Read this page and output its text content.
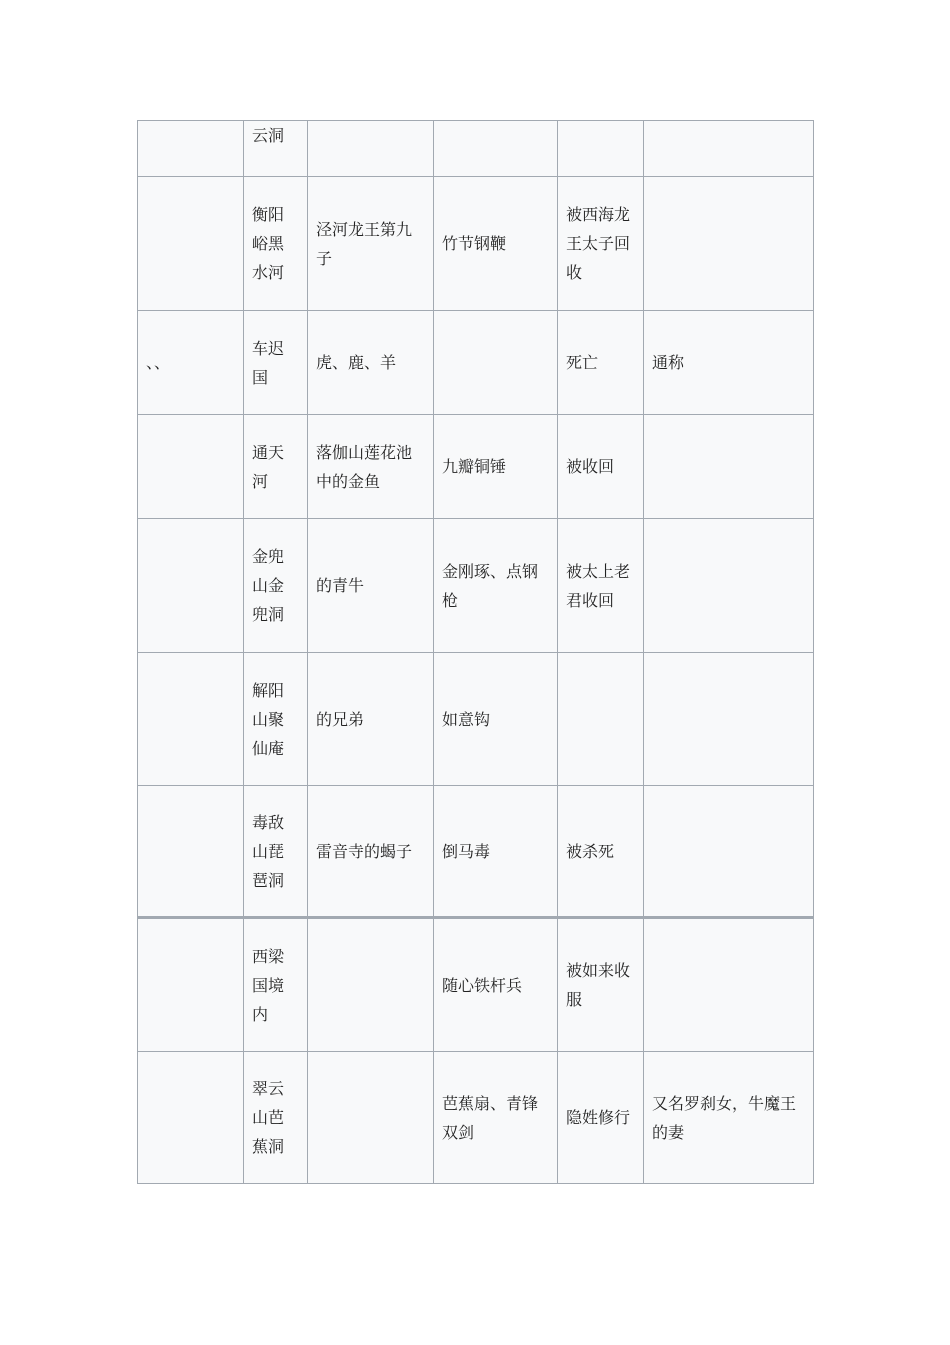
	云洞				
	衡阳峪黑水河	泾河龙王第九子	竹节钢鞭	被西海龙王太子回收	
、、	车迟国	虎、鹿、羊		死亡	通称
	通天河	落伽山莲花池中的金鱼	九瓣铜锤	被收回	
	金兜山金兜洞	的青牛	金刚琢、点钢枪	被太上老君收回	
	解阳山聚仙庵	的兄弟	如意钩		
	毒敌山琵琶洞	雷音寺的蝎子	倒马毒	被杀死	
	西梁国境内		随心铁杆兵	被如来收服	
	翠云山芭蕉洞		芭蕉扇、青锋双剑	隐姓修行	又名罗刹女，牛魔王的妻
